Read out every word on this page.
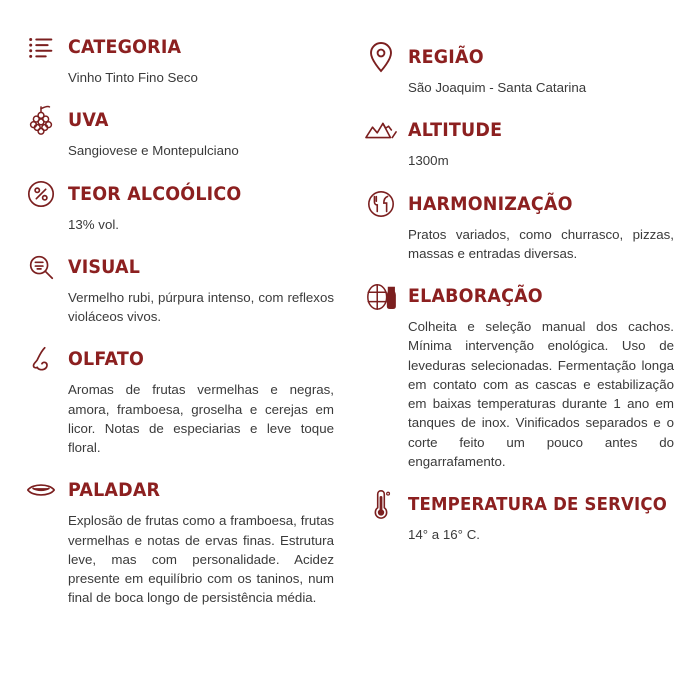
CATEGORIA
Vinho Tinto Fino Seco
UVA
Sangiovese e Montepulciano
TEOR ALCOÓLICO
13% vol.
VISUAL
Vermelho rubi, púrpura intenso, com reflexos violáceos vivos.
OLFATO
Aromas de frutas vermelhas e negras, amora, framboesa, groselha e cerejas em licor. Notas de especiarias e leve toque floral.
PALADAR
Explosão de frutas como a framboesa, frutas vermelhas e notas de ervas finas. Estrutura leve, mas com personalidade. Acidez presente em equilíbrio com os taninos, num final de boca longo de persistência média.
REGIÃO
São Joaquim - Santa Catarina
ALTITUDE
1300m
HARMONIZAÇÃO
Pratos variados, como churrasco, pizzas, massas e entradas diversas.
ELABORAÇÃO
Colheita e seleção manual dos cachos. Mínima intervenção enológica. Uso de leveduras selecionadas. Fermentação longa em contato com as cascas e estabilização em baixas temperaturas durante 1 ano em tanques de inox. Vinificados separados e o corte feito um pouco antes do engarrafamento.
TEMPERATURA DE SERVIÇO
14° a 16° C.
